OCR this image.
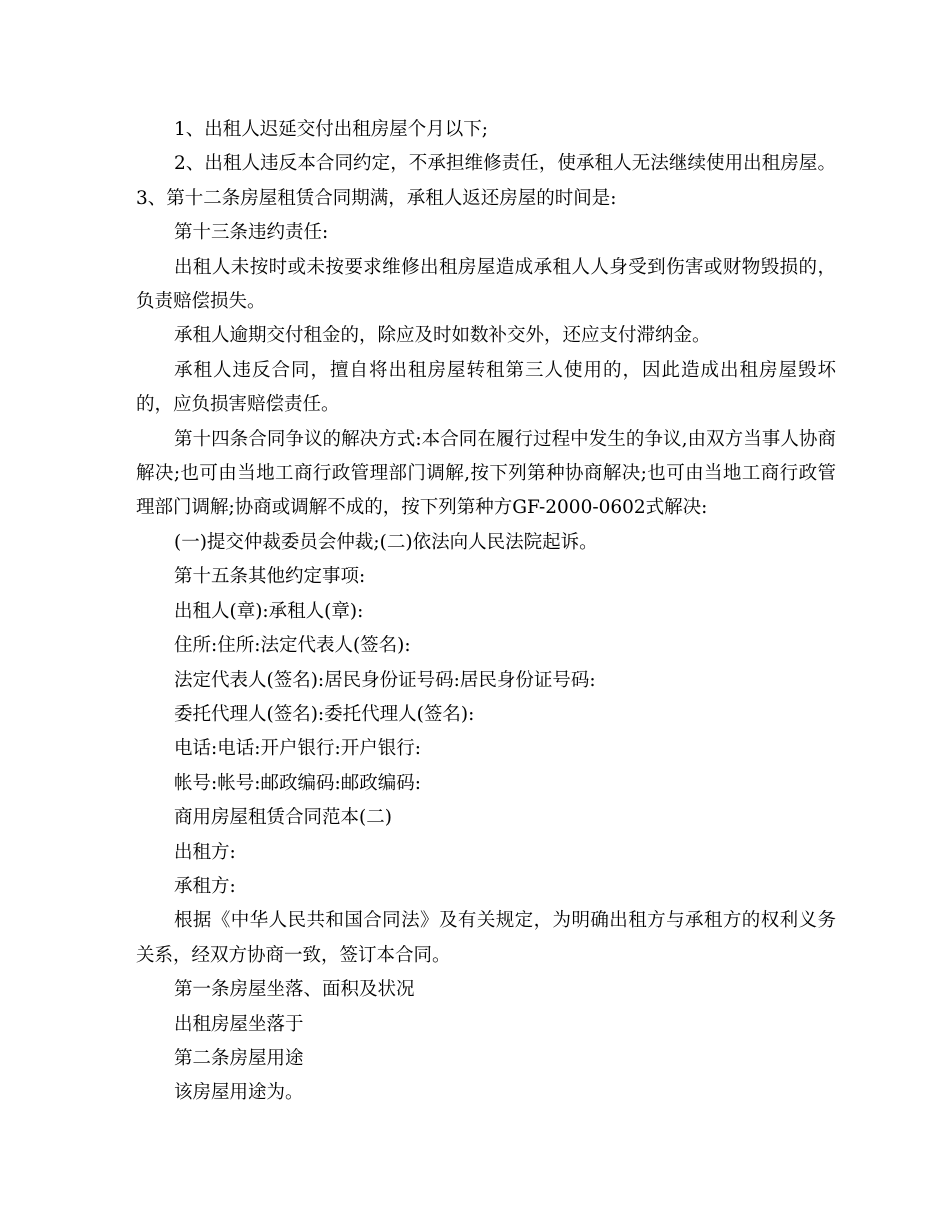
1、出租人迟延交付出租房屋个月以下;

2、出租人违反本合同约定，不承担维修责任，使承租人无法继续使用出租房屋。3、第十二条房屋租赁合同期满，承租人返还房屋的时间是:

第十三条违约责任:

出租人未按时或未按要求维修出租房屋造成承租人人身受到伤害或财物毁损的，负责赔偿损失。

承租人逾期交付租金的，除应及时如数补交外，还应支付滞纳金。

承租人违反合同，擅自将出租房屋转租第三人使用的，因此造成出租房屋毁坏的，应负损害赔偿责任。

第十四条合同争议的解决方式:本合同在履行过程中发生的争议,由双方当事人协商解决;也可由当地工商行政管理部门调解,按下列第种协商解决;也可由当地工商行政管理部门调解;协商或调解不成的，按下列第种方GF-2000-0602式解决:

(一)提交仲裁委员会仲裁;(二)依法向人民法院起诉。

第十五条其他约定事项:

出租人(章):承租人(章):

住所:住所:法定代表人(签名):

法定代表人(签名):居民身份证号码:居民身份证号码:

委托代理人(签名):委托代理人(签名):

电话:电话:开户银行:开户银行:

帐号:帐号:邮政编码:邮政编码:

商用房屋租赁合同范本(二)

出租方:

承租方:

根据《中华人民共和国合同法》及有关规定，为明确出租方与承租方的权利义务关系，经双方协商一致，签订本合同。

第一条房屋坐落、面积及状况

出租房屋坐落于

第二条房屋用途

该房屋用途为。
